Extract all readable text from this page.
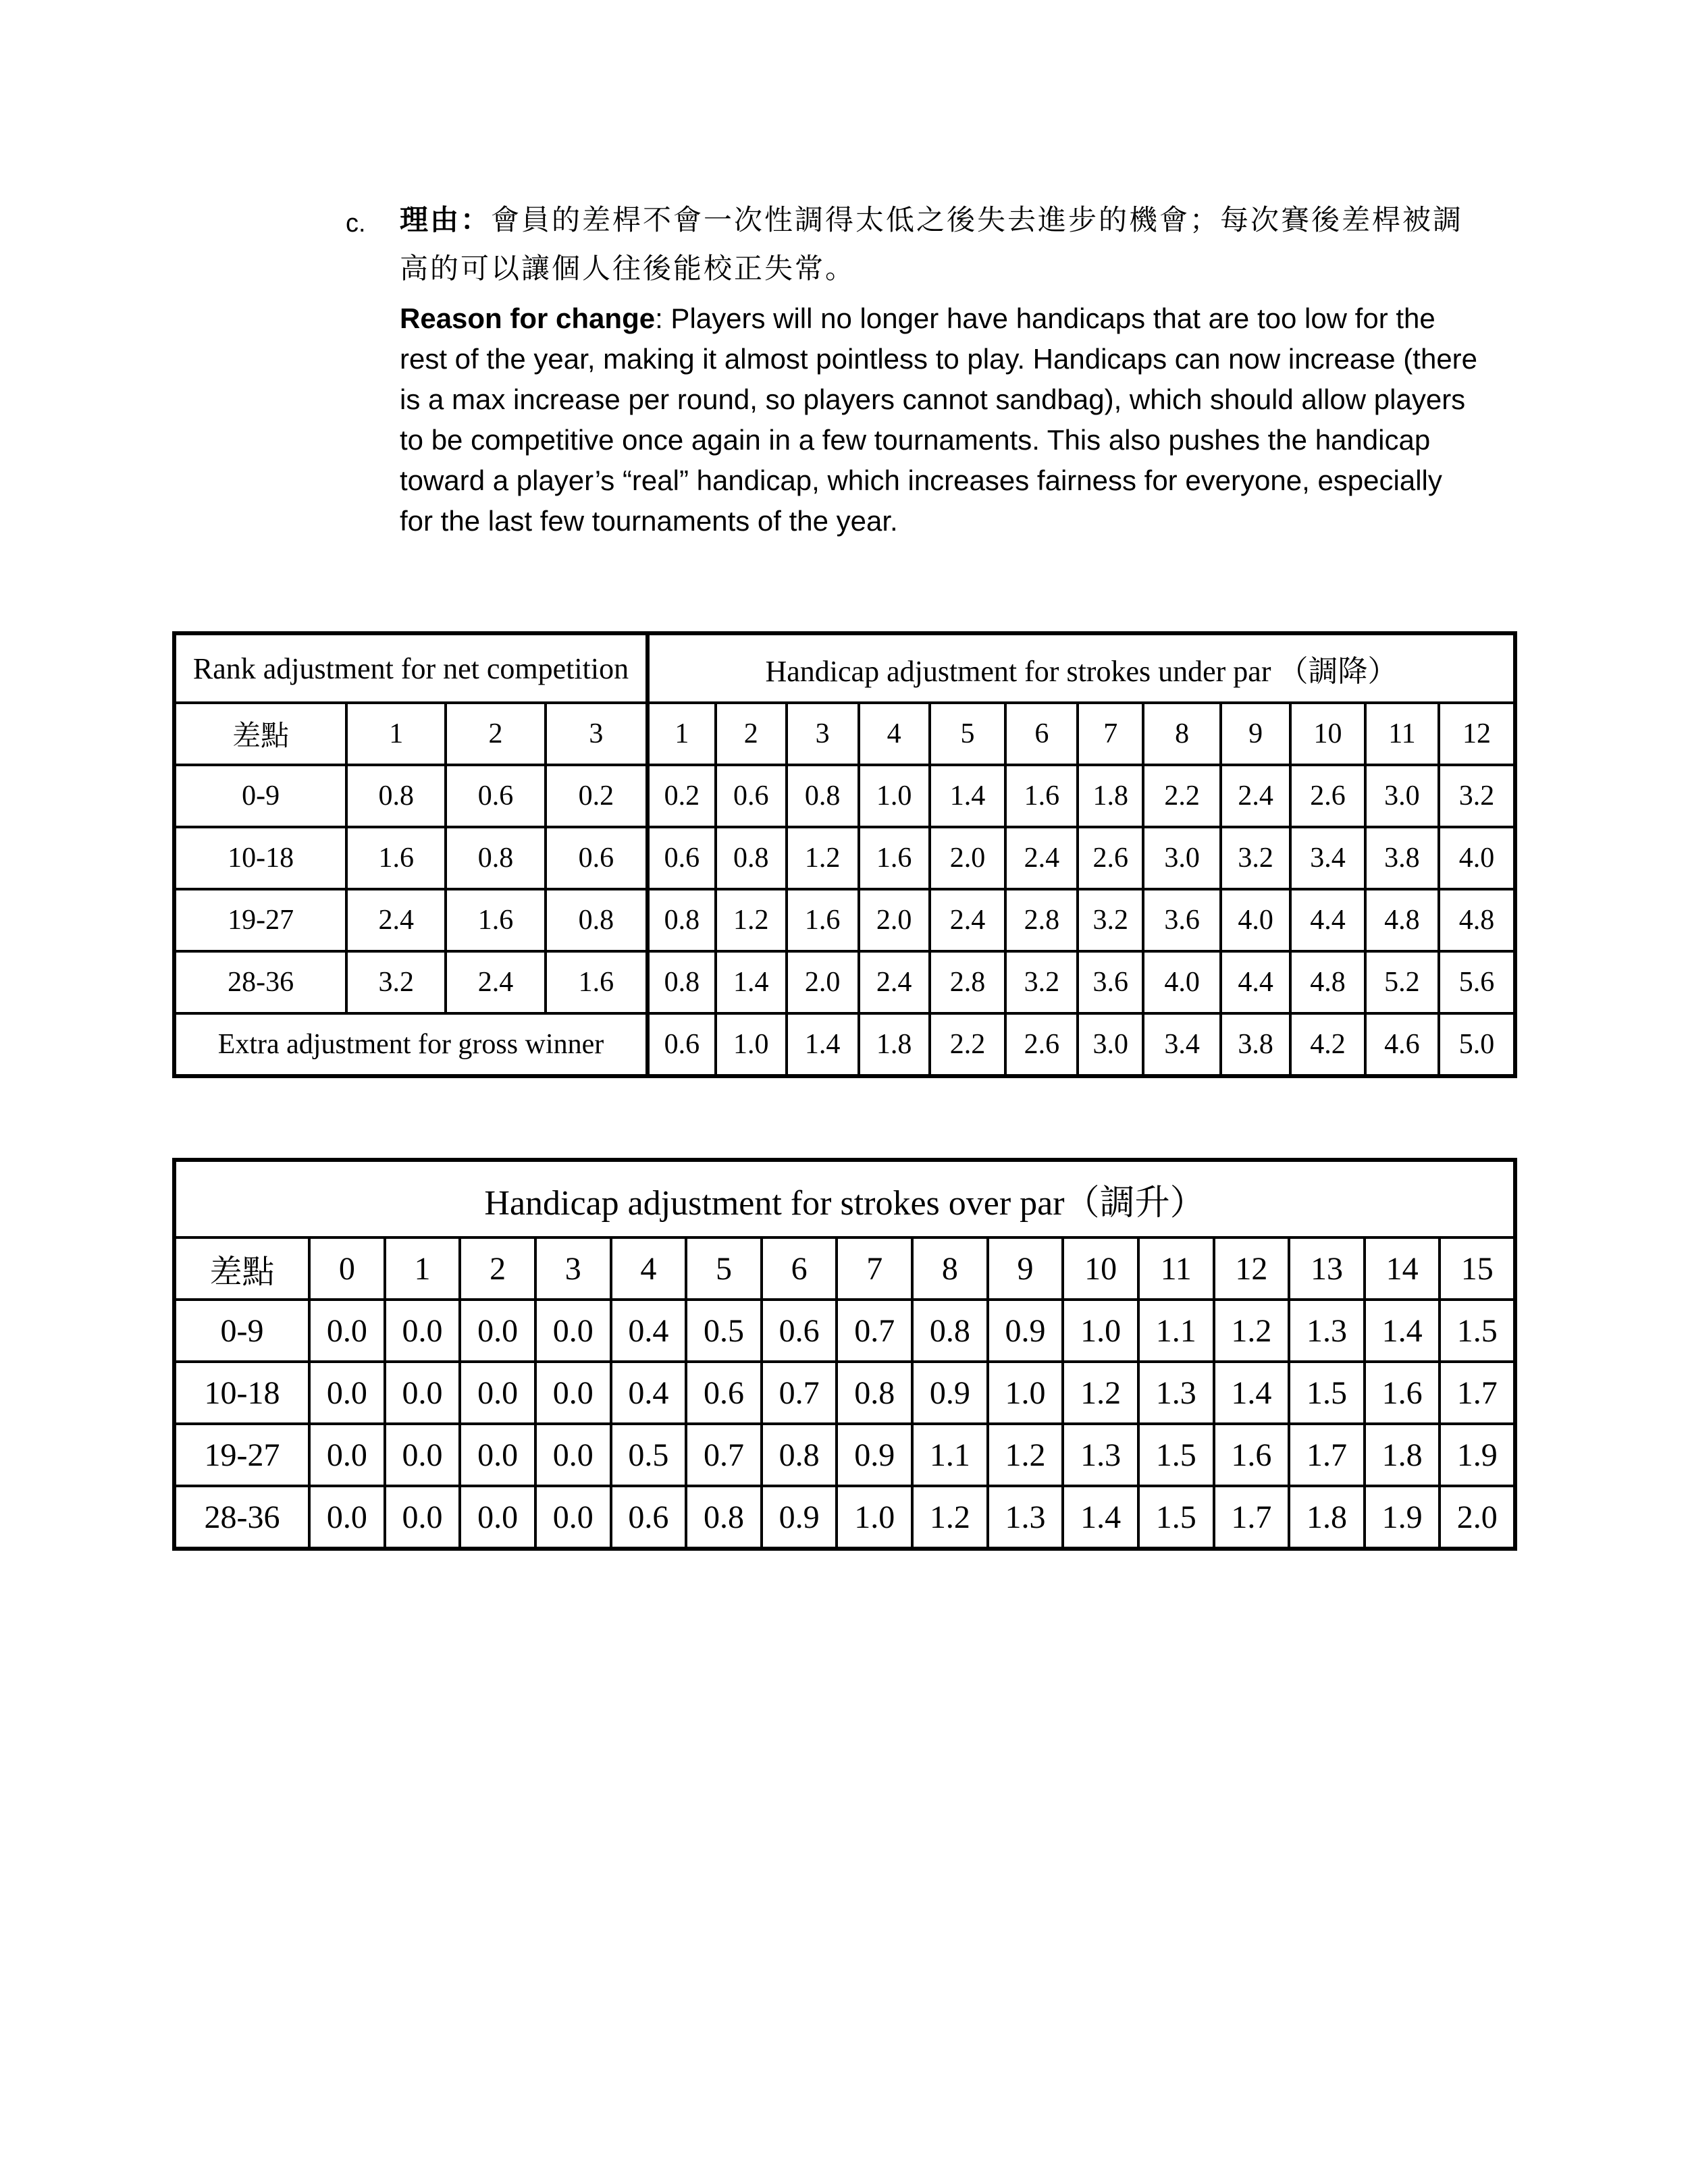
c.	理由：會員的差桿不會一次性調得太低之後失去進步的機會；每次賽後差桿被調高的可以讓個人往後能校正失常。
Reason for change: Players will no longer have handicaps that are too low for the rest of the year, making it almost pointless to play. Handicaps can now increase (there is a max increase per round, so players cannot sandbag), which should allow players to be competitive once again in a few tournaments. This also pushes the handicap toward a player’s “real” handicap, which increases fairness for everyone, especially for the last few tournaments of the year.
Rank adjustment for net competition				Handicap adjustment for strokes under par （調降）											
差點	1	2	3	1	2	3	4	5	6	7	8	9	10	11	12
0-9	0.8	0.6	0.2	0.2	0.6	0.8	1.0	1.4	1.6	1.8	2.2	2.4	2.6	3.0	3.2
10-18	1.6	0.8	0.6	0.6	0.8	1.2	1.6	2.0	2.4	2.6	3.0	3.2	3.4	3.8	4.0
19-27	2.4	1.6	0.8	0.8	1.2	1.6	2.0	2.4	2.8	3.2	3.6	4.0	4.4	4.8	4.8
28-36	3.2	2.4	1.6	0.8	1.4	2.0	2.4	2.8	3.2	3.6	4.0	4.4	4.8	5.2	5.6
Extra adjustment for gross winner				0.6	1.0	1.4	1.8	2.2	2.6	3.0	3.4	3.8	4.2	4.6	5.0
Handicap adjustment for strokes over par（調升）																
差點	0	1	2	3	4	5	6	7	8	9	10	11	12	13	14	15
0-9	0.0	0.0	0.0	0.0	0.4	0.5	0.6	0.7	0.8	0.9	1.0	1.1	1.2	1.3	1.4	1.5
10-18	0.0	0.0	0.0	0.0	0.4	0.6	0.7	0.8	0.9	1.0	1.2	1.3	1.4	1.5	1.6	1.7
19-27	0.0	0.0	0.0	0.0	0.5	0.7	0.8	0.9	1.1	1.2	1.3	1.5	1.6	1.7	1.8	1.9
28-36	0.0	0.0	0.0	0.0	0.6	0.8	0.9	1.0	1.2	1.3	1.4	1.5	1.7	1.8	1.9	2.0
